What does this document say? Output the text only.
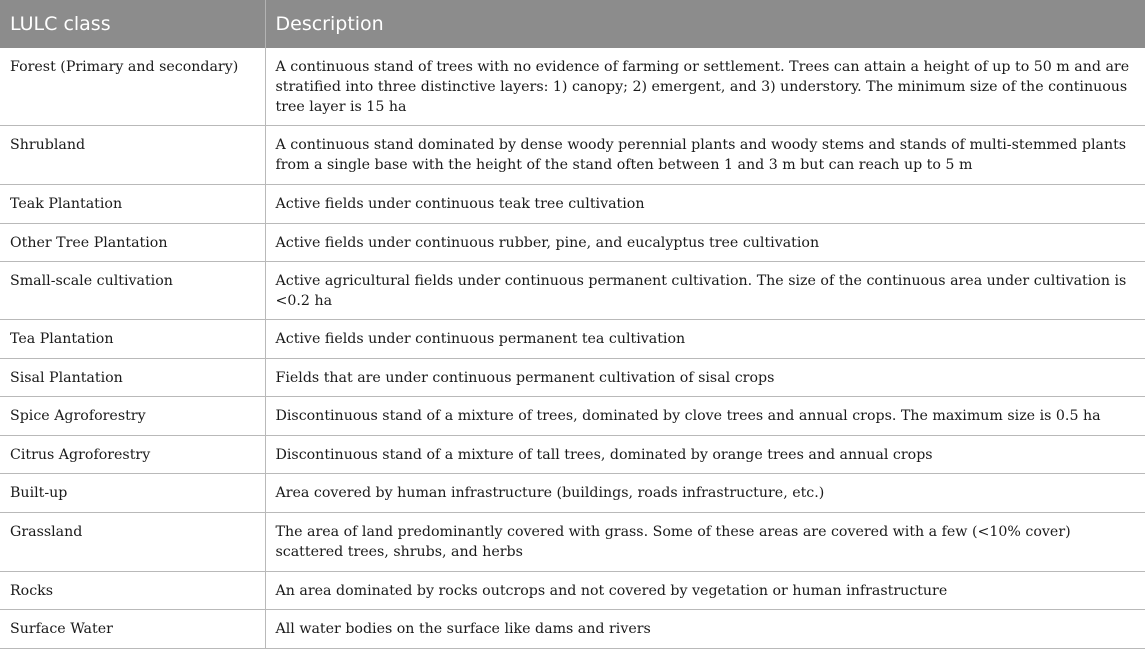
LULC class	Description
Forest (Primary and secondary)	A continuous stand of trees with no evidence of farming or settlement. Trees can attain a height of up to 50 m and are stratified into three distinctive layers: 1) canopy; 2) emergent, and 3) understory. The minimum size of the continuous tree layer is 15 ha
Shrubland	A continuous stand dominated by dense woody perennial plants and woody stems and stands of multi-stemmed plants from a single base with the height of the stand often between 1 and 3 m but can reach up to 5 m
Teak Plantation	Active fields under continuous teak tree cultivation
Other Tree Plantation	Active fields under continuous rubber, pine, and eucalyptus tree cultivation
Small-scale cultivation	Active agricultural fields under continuous permanent cultivation. The size of the continuous area under cultivation is <0.2 ha
Tea Plantation	Active fields under continuous permanent tea cultivation
Sisal Plantation	Fields that are under continuous permanent cultivation of sisal crops
Spice Agroforestry	Discontinuous stand of a mixture of trees, dominated by clove trees and annual crops. The maximum size is 0.5 ha
Citrus Agroforestry	Discontinuous stand of a mixture of tall trees, dominated by orange trees and annual crops
Built-up	Area covered by human infrastructure (buildings, roads infrastructure, etc.)
Grassland	The area of land predominantly covered with grass. Some of these areas are covered with a few (<10% cover) scattered trees, shrubs, and herbs
Rocks	An area dominated by rocks outcrops and not covered by vegetation or human infrastructure
Surface Water	All water bodies on the surface like dams and rivers
